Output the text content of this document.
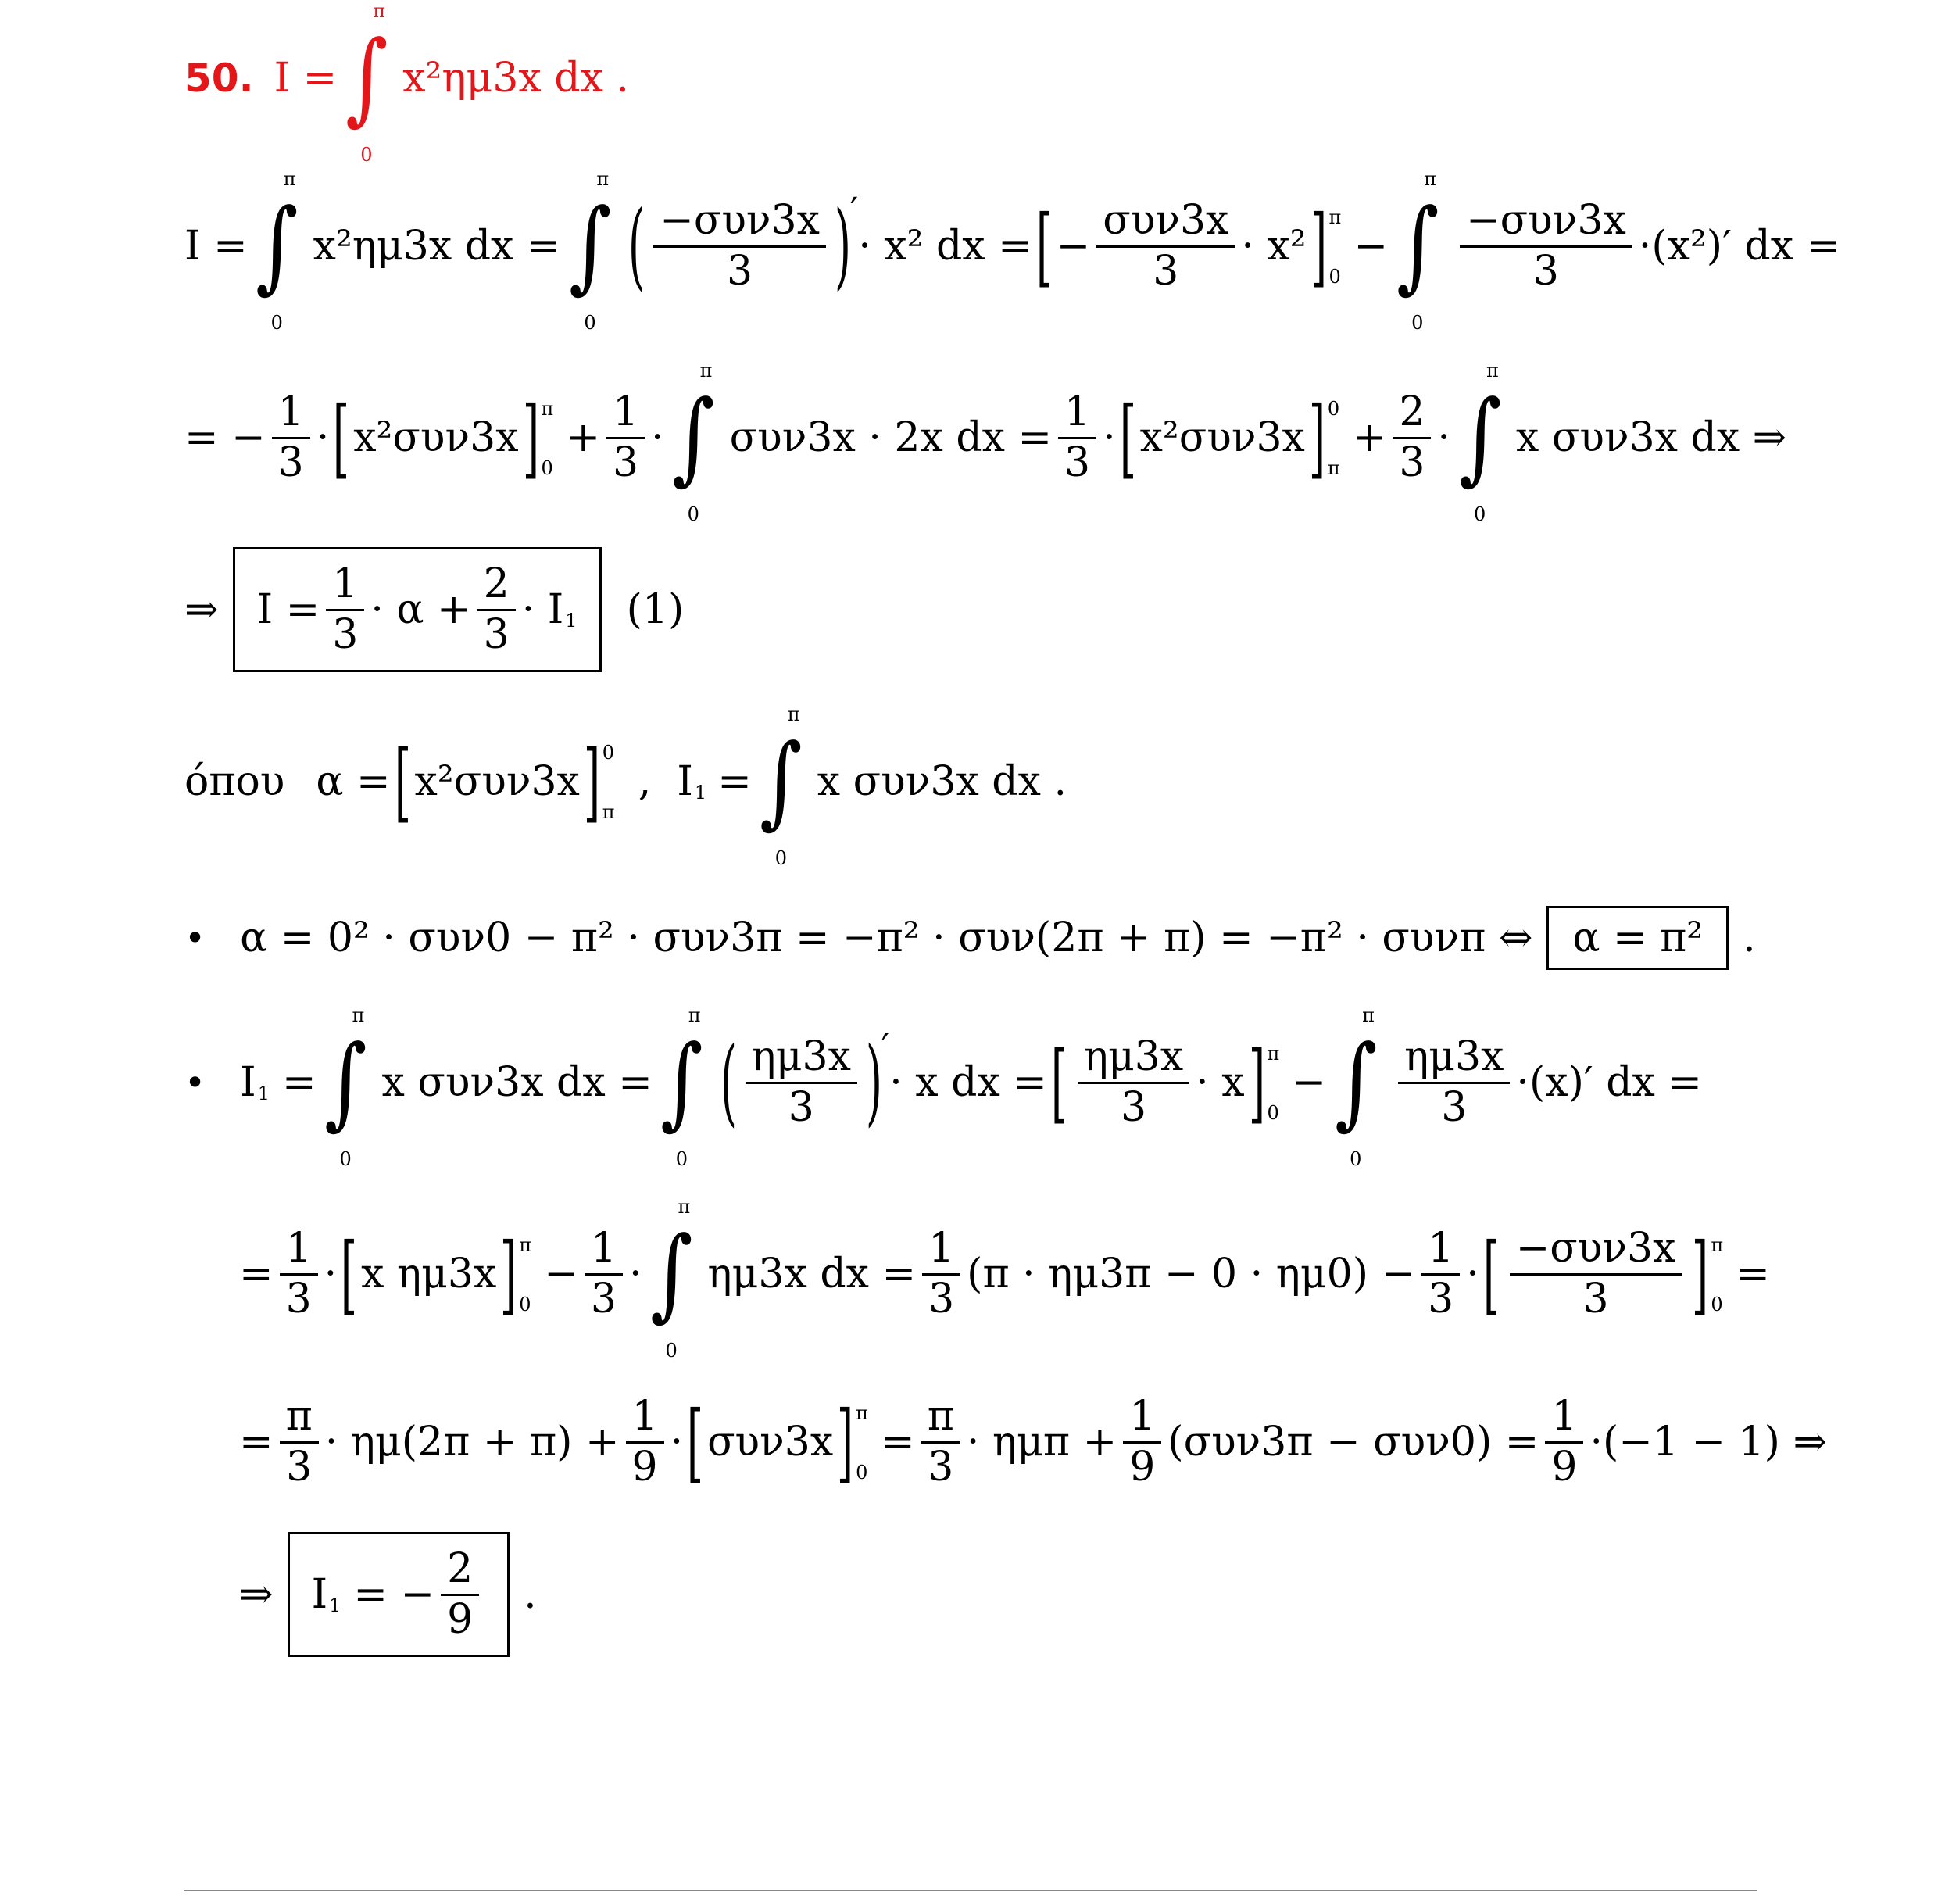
50. I = ∫
π
0
x²ημ3x dx .
I = ∫
π
0
x²ημ3x dx = ∫
π
0
( $\frac{\text{−συν3x}}{3}$ )
′
· x² dx = [ − $\frac{\text{συν3x}}{3} \cdot x^2$ ] π
0
− ∫
π
0
$\frac{\text{−συν3x}}{3} \cdot(x^2)'$ dx =
= − $\frac{1}{3}$ · [ x²συν3x ] π
0
+ $\frac{1}{3}$ · ∫
π
0
συν3x · 2x dx = $\frac{1}{3}$ · [ x²συν3x ] 0
π
+ $\frac{2}{3}$ · ∫
π
0
x συν3x dx ⇒
⇒ $I = \frac{1}{3} \cdot \alpha + \frac{2}{3} \cdot I$ 1 (1)
όπου α = [ x²συν3x ] 0
π
,  I 1 = ∫
π
0
x συν3x dx .
• α = 0² · συν0 − π² · συν3π = −π² · συν(2π + π) = −π² · συνπ ⇔ α = π² .
• I 1 = ∫
π
0
x συν3x dx = ∫
π
0
( $\frac{\eta\mu 3x}{3}$ )
′
· x dx = [ $\frac{\eta\mu 3x}{3} \cdot x$ ] π
0
− ∫
π
0
$\frac{\eta\mu 3x}{3} \cdot(x)'$ dx =
= $\frac{1}{3}$ · [ x ημ3x ] π
0
− $\frac{1}{3}$ · ∫
π
0
ημ3x dx = $\frac{1}{3} (\pi \cdot \eta\mu 3\pi - 0 \cdot \eta\mu 0) - \frac{1}{3}$ · [ $\frac{\text{−συν3x}}{3}$ ] π
0
=
= $\frac{\pi}{3} \cdot \eta\mu(2\pi + \pi) + \frac{1}{9}$ · [ συν3x ] π
0
= $\frac{\pi}{3} \cdot \eta\mu\pi + \frac{1}{9} (\sigma\upsilon\nu 3\pi - \sigma\upsilon\nu 0) = \frac{1}{9} \cdot(-1 - 1)$ ⇒
⇒ I 1 = − $\frac{2}{9}$ .
